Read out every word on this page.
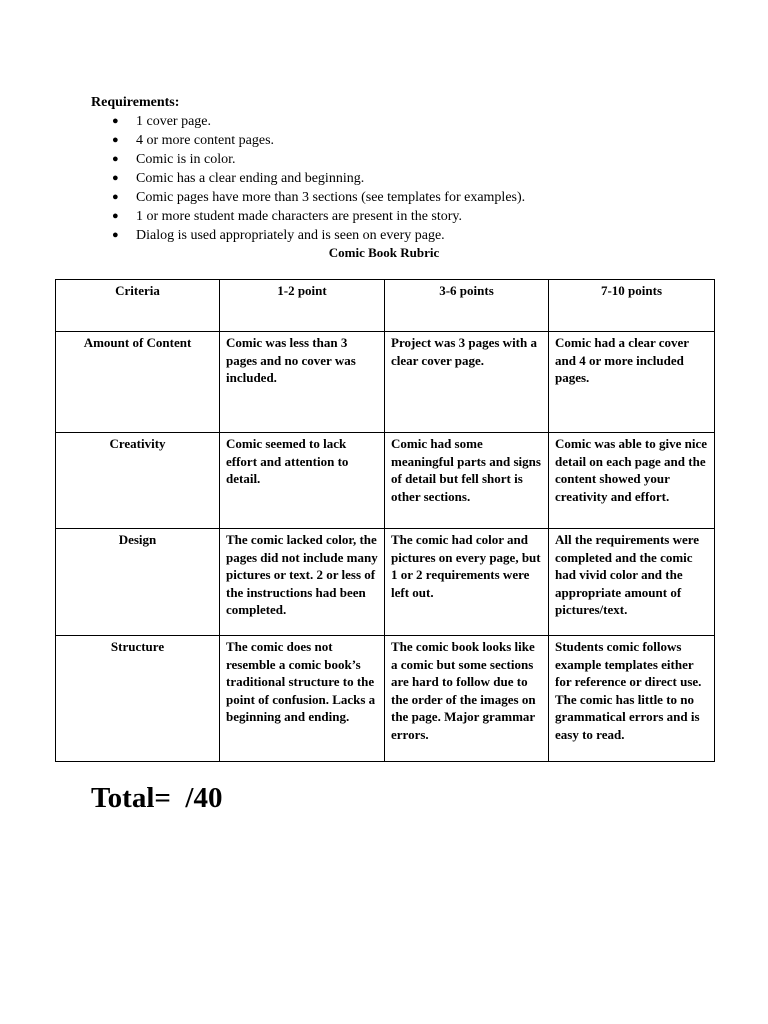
Requirements:
● 1 cover page.
● 4 or more content pages.
● Comic is in color.
● Comic has a clear ending and beginning.
● Comic pages have more than 3 sections (see templates for examples).
● 1 or more student made characters are present in the story.
● Dialog is used appropriately and is seen on every page.
Comic Book Rubric
Criteria	1-2 point	3-6 points	7-10 points
Amount of Content	Comic was less than 3 pages and no cover was included.	Project was 3 pages with a clear cover page.	Comic had a clear cover and 4 or more included pages.
Creativity	Comic seemed to lack effort and attention to detail.	Comic had some meaningful parts and signs of detail but fell short is other sections.	Comic was able to give nice detail on each page and the content showed your creativity and effort.
Design	The comic lacked color, the pages did not include many pictures or text. 2 or less of the instructions had been completed.	The comic had color and pictures on every page, but 1 or 2 requirements were left out.	All the requirements were completed and the comic had vivid color and the appropriate amount of pictures/text.
Structure	The comic does not resemble a comic book’s traditional structure to the point of confusion. Lacks a beginning and ending.	The comic book looks like a comic but some sections are hard to follow due to the order of the images on the page. Major grammar errors.	Students comic follows example templates either for reference or direct use. The comic has little to no grammatical errors and is easy to read.
Total=  /40
